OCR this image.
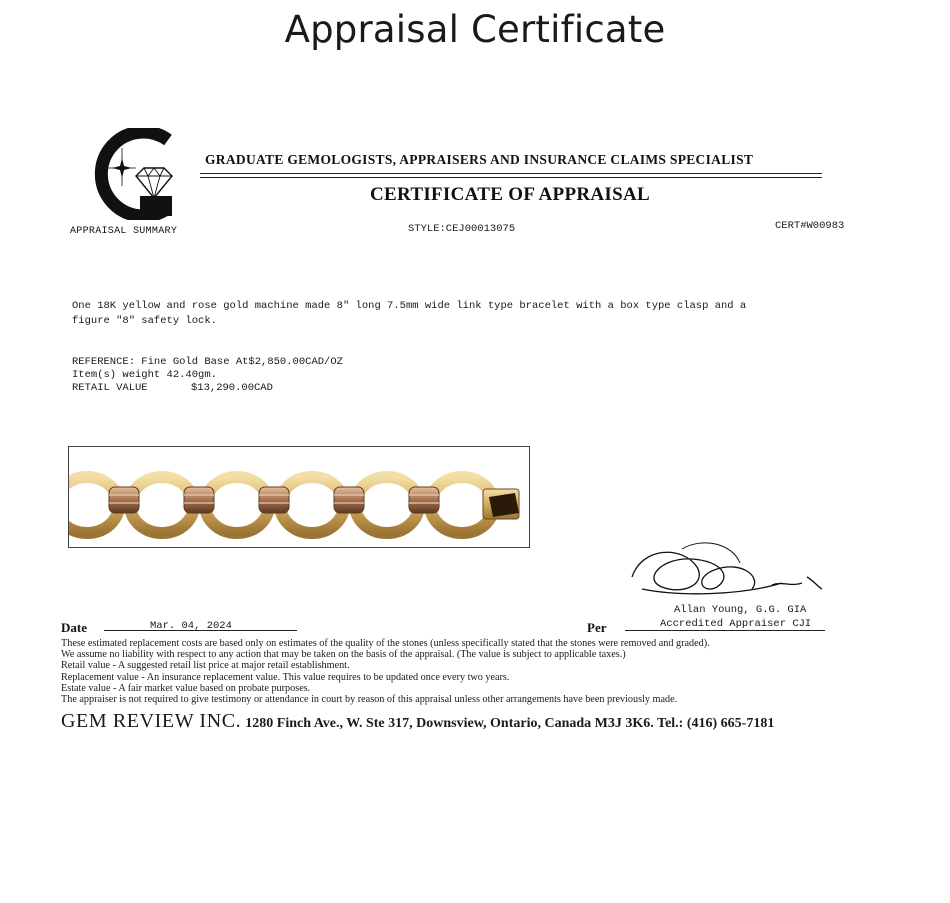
Appraisal Certificate
APPRAISAL SUMMARY
GRADUATE GEMOLOGISTS, APPRAISERS AND INSURANCE CLAIMS SPECIALIST
CERTIFICATE OF APPRAISAL
STYLE:CEJ00013075	CERT#W00983
One 18K yellow and rose gold machine made 8" long 7.5mm wide link type bracelet with a box type clasp and a
figure "8" safety lock.
REFERENCE: Fine Gold Base At$2,850.00CAD/OZ
Item(s) weight 42.40gm.
RETAIL VALUE	$13,290.00CAD
Allan Young, G.G. GIA
Accredited Appraiser CJI
Date	Mar. 04, 2024	Per
These estimated replacement costs are based only on estimates of the quality of the stones (unless specifically stated that the stones were removed and graded).
We assume no liability with respect to any action that may be taken on the basis of the appraisal. (The value is subject to applicable taxes.)
Retail value - A suggested retail list price at major retail establishment.
Replacement value - An insurance replacement value. This value requires to be updated once every two years.
Estate value - A fair market value based on probate purposes.
The appraiser is not required to give testimony or attendance in court by reason of this appraisal unless other arrangements have been previously made.
GEM REVIEW INC. 1280 Finch Ave., W. Ste 317, Downsview, Ontario, Canada M3J 3K6. Tel.: (416) 665-7181
